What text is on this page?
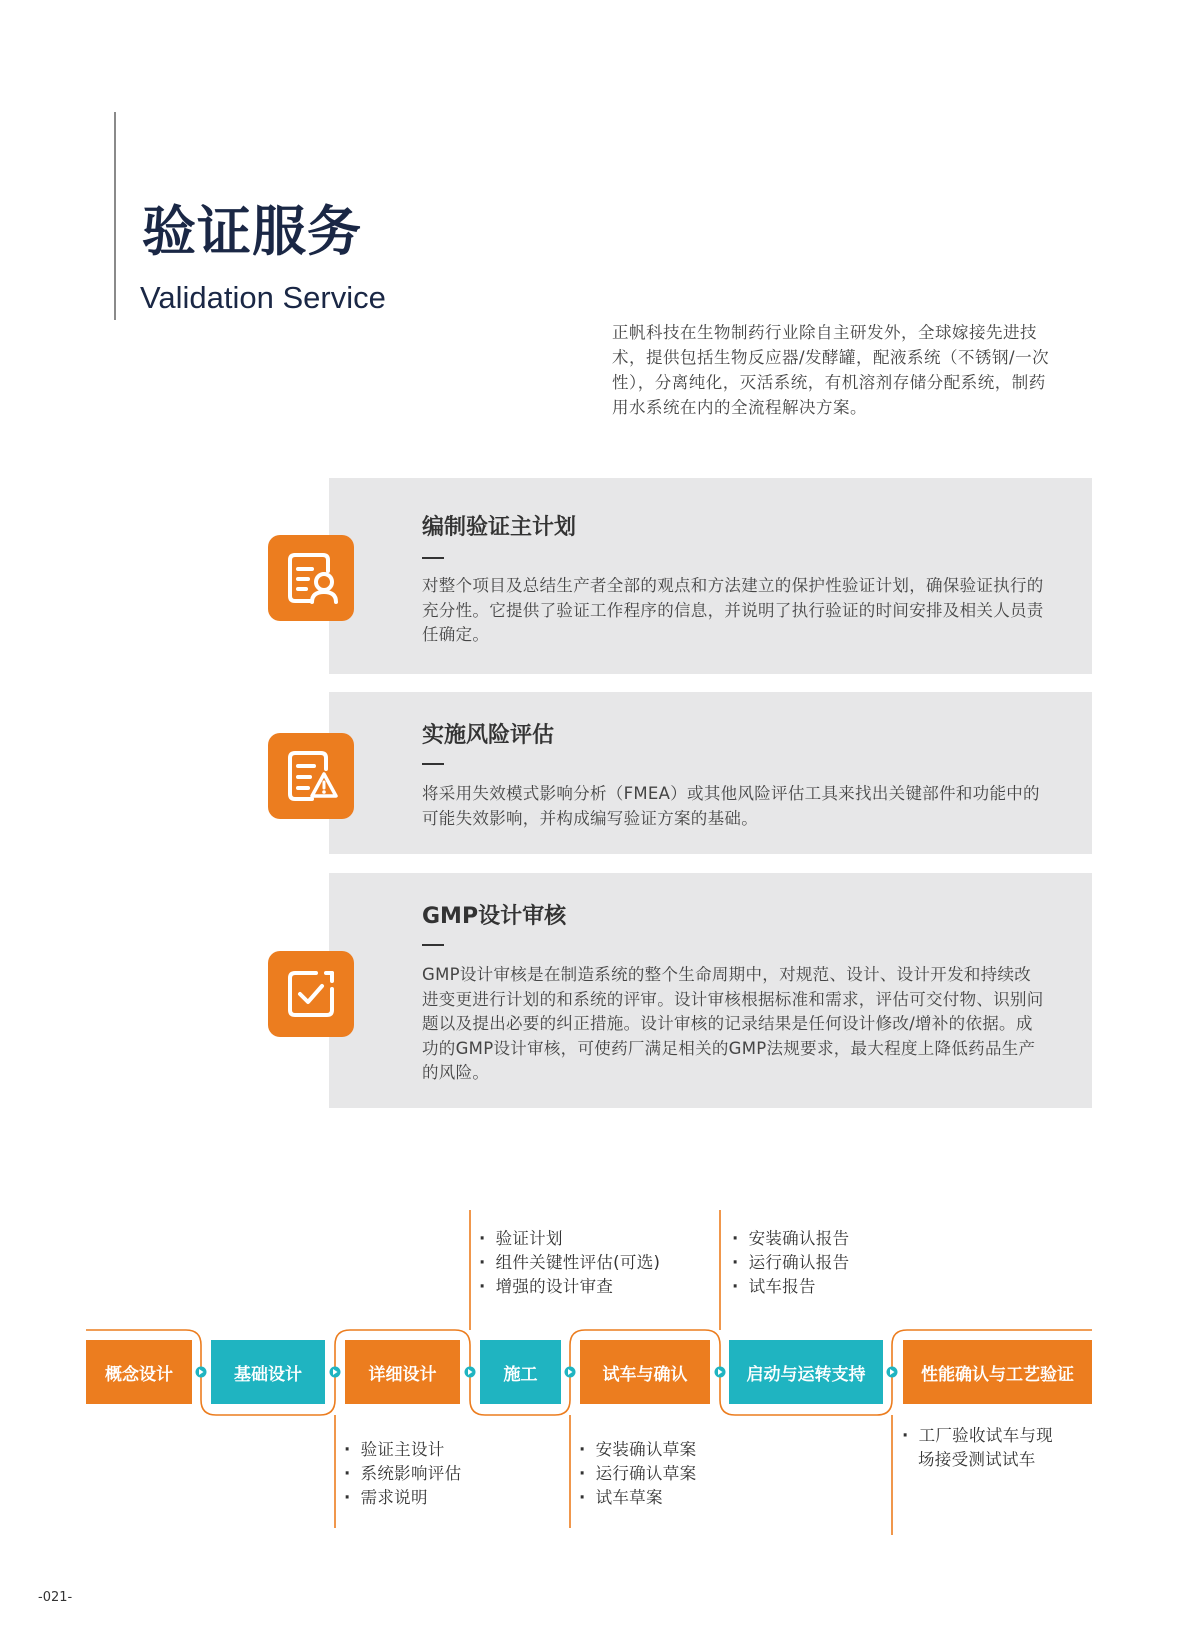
验证服务
Validation Service
正帆科技在生物制药行业除自主研发外，全球嫁接先进技术，提供包括生物反应器/发酵罐，配液系统（不锈钢/一次性），分离纯化，灭活系统，有机溶剂存储分配系统，制药用水系统在内的全流程解决方案。
编制验证主计划
对整个项目及总结生产者全部的观点和方法建立的保护性验证计划，确保验证执行的充分性。它提供了验证工作程序的信息，并说明了执行验证的时间安排及相关人员责任确定。
实施风险评估
将采用失效模式影响分析（FMEA）或其他风险评估工具来找出关键部件和功能中的可能失效影响，并构成编写验证方案的基础。
GMP设计审核
GMP设计审核是在制造系统的整个生命周期中，对规范、设计、设计开发和持续改进变更进行计划的和系统的评审。设计审核根据标准和需求，评估可交付物、识别问题以及提出必要的纠正措施。设计审核的记录结果是任何设计修改/增补的依据。成功的GMP设计审核，可使药厂满足相关的GMP法规要求，最大程度上降低药品生产的风险。
概念设计	基础设计	详细设计	施工	试车与确认	启动与运转支持	性能确认与工艺验证
· 验证计划
· 组件关键性评估(可选)
· 增强的设计审查
· 安装确认报告
· 运行确认报告
· 试车报告
· 验证主设计
· 系统影响评估
· 需求说明
· 安装确认草案
· 运行确认草案
· 试车草案
· 工厂验收试车与现
场接受测试试车
-021-
